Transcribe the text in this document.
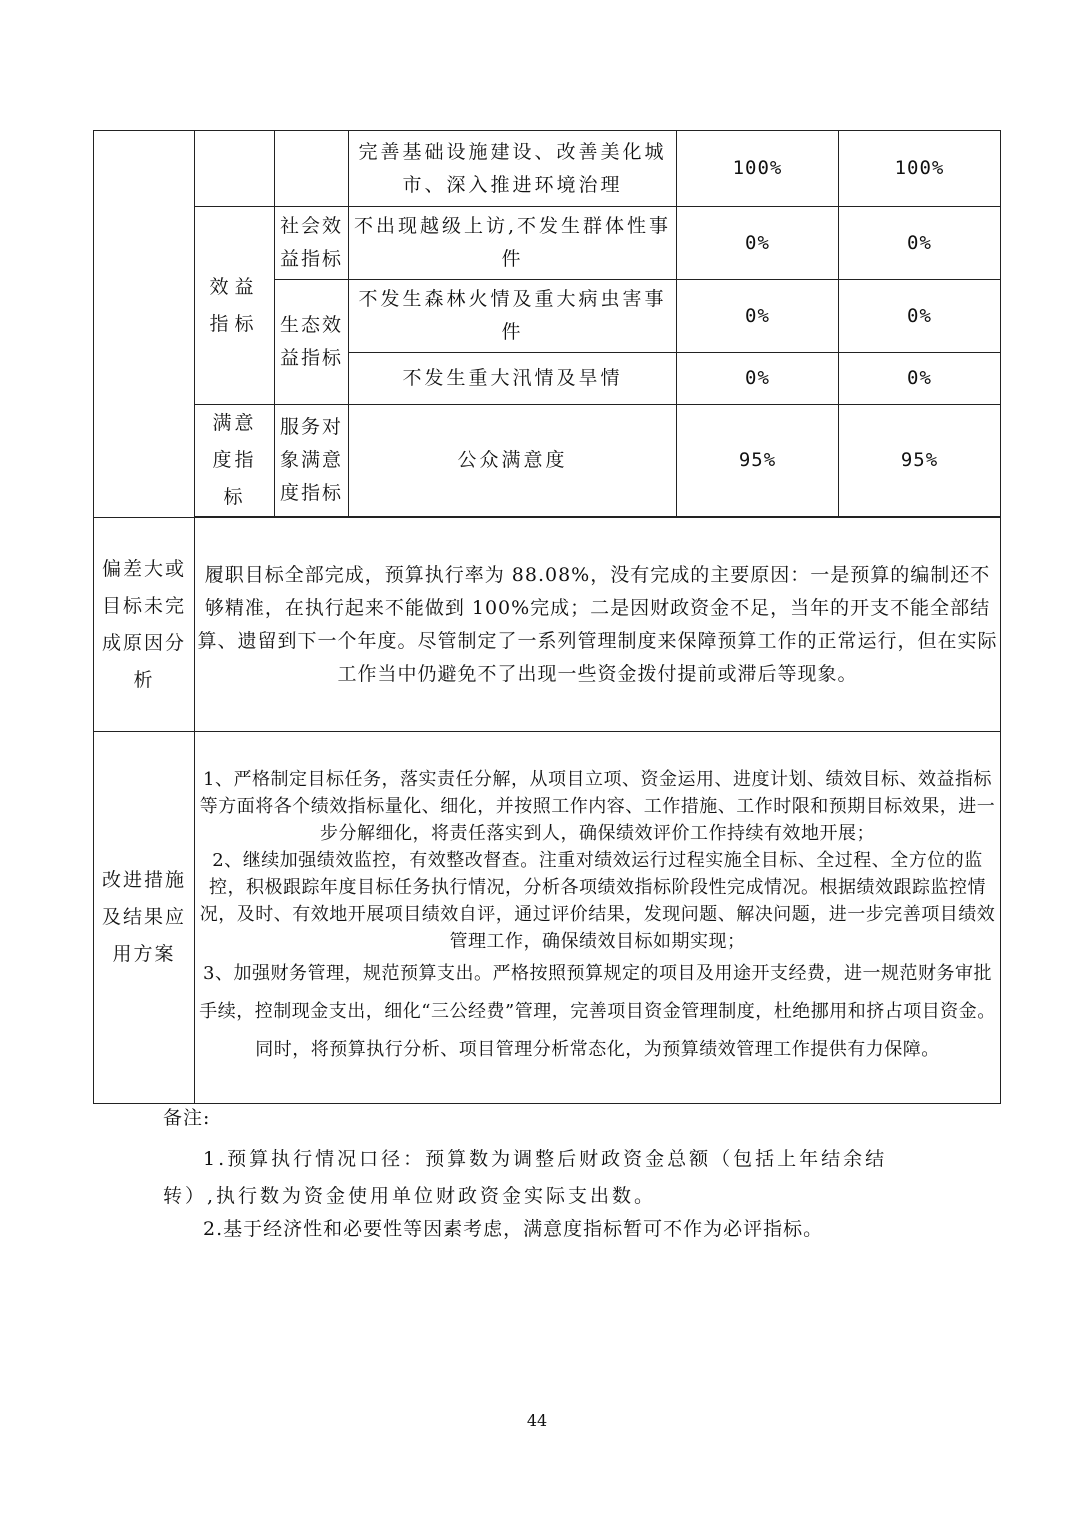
			完善基础设施建设、改善美化城市、深入推进环境治理	100%	100%
	效益指标	社会效益指标	不出现越级上访,不发生群体性事件	0%	0%
		生态效益指标	不发生森林火情及重大病虫害事件	0%	0%
			不发生重大汛情及旱情	0%	0%
	满意度指标	服务对象满意度指标	公众满意度	95%	95%

偏差大或目标未完成原因分析	履职目标全部完成，预算执行率为 88.08%，没有完成的主要原因：一是预算的编制还不够精准，在执行起来不能做到 100%完成；二是因财政资金不足，当年的开支不能全部结算、遗留到下一个年度。尽管制定了一系列管理制度来保障预算工作的正常运行，但在实际工作当中仍避免不了出现一些资金拨付提前或滞后等现象。				
改进措施及结果应用方案	1、严格制定目标任务，落实责任分解，从项目立项、资金运用、进度计划、绩效目标、效益指标等方面将各个绩效指标量化、细化，并按照工作内容、工作措施、工作时限和预期目标效果，进一步分解细化，将责任落实到人，确保绩效评价工作持续有效地开展；
2、继续加强绩效监控，有效整改督查。注重对绩效运行过程实施全目标、全过程、全方位的监控，积极跟踪年度目标任务执行情况，分析各项绩效指标阶段性完成情况。根据绩效跟踪监控情况，及时、有效地开展项目绩效自评，通过评价结果，发现问题、解决问题，进一步完善项目绩效管理工作，确保绩效目标如期实现；
3、加强财务管理，规范预算支出。严格按照预算规定的项目及用途开支经费，进一规范财务审批手续，控制现金支出，细化“三公经费”管理，完善项目资金管理制度，杜绝挪用和挤占项目资金。同时，将预算执行分析、项目管理分析常态化，为预算绩效管理工作提供有力保障。				
备注:
1.预算执行情况口径：预算数为调整后财政资金总额（包括上年结余结转）,执行数为资金使用单位财政资金实际支出数。
2.基于经济性和必要性等因素考虑，满意度指标暂可不作为必评指标。
44
